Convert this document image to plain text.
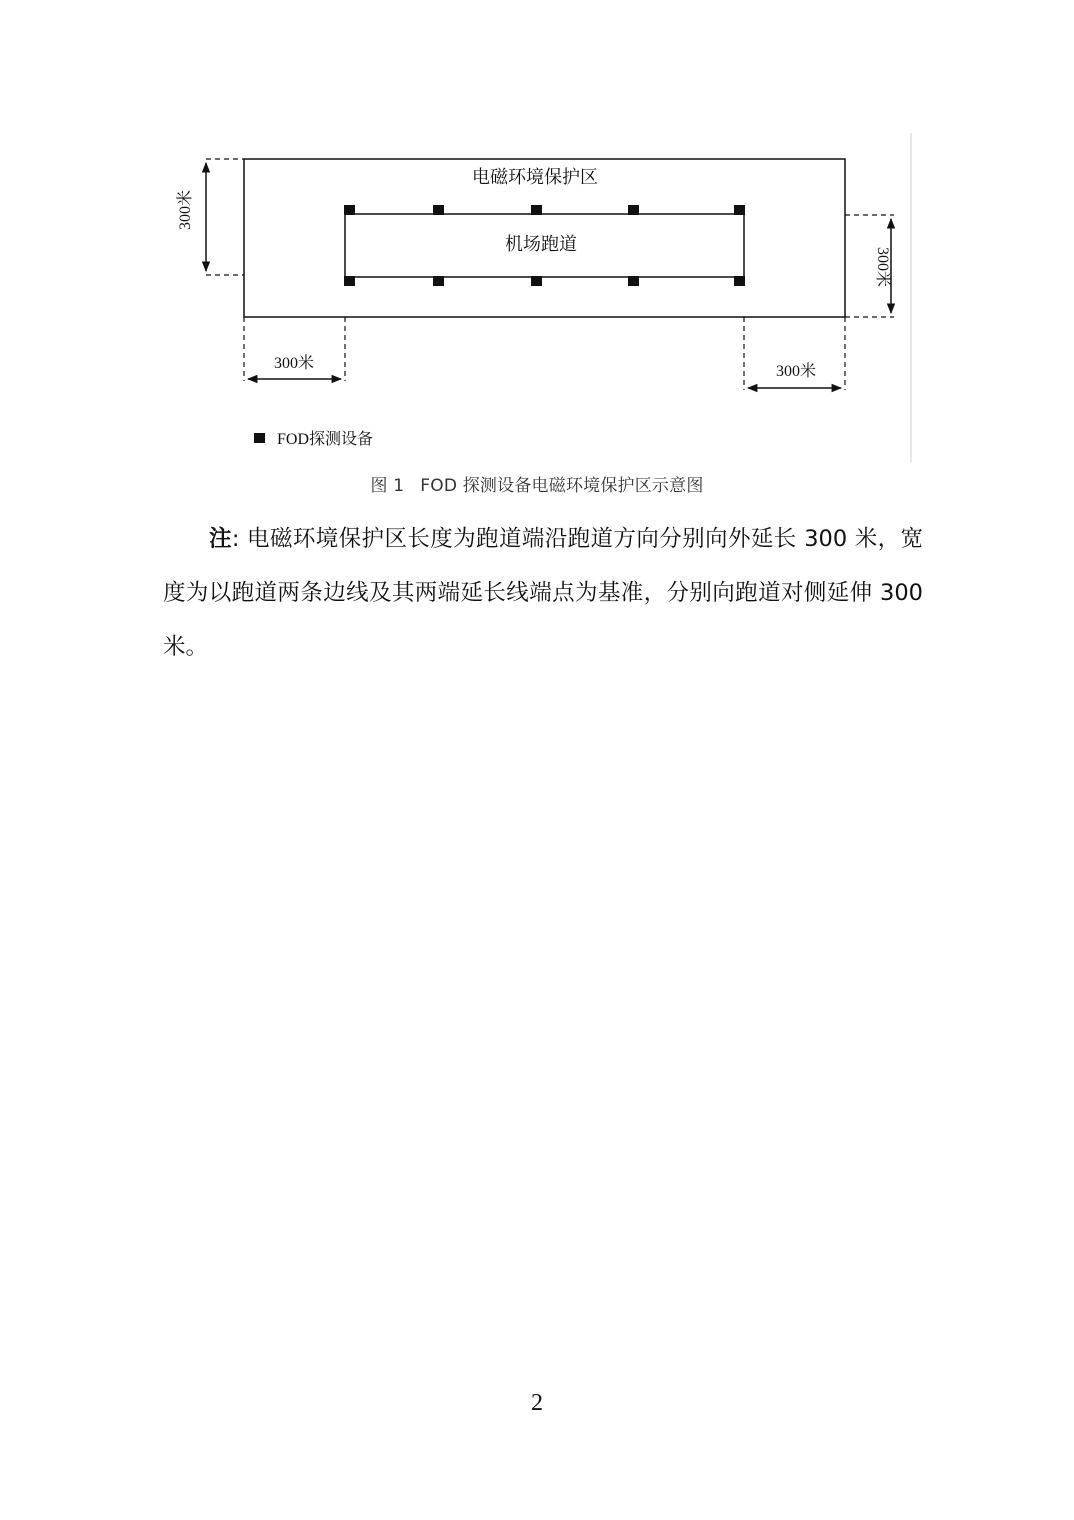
电磁环境保护区
机场跑道
300米
300米
300米	300米
FOD探测设备
图 1 FOD 探测设备电磁环境保护区示意图
注: 电磁环境保护区长度为跑道端沿跑道方向分别向外延长 300 米，宽度为以跑道两条边线及其两端延长线端点为基准，分别向跑道对侧延伸 300 米。
2
